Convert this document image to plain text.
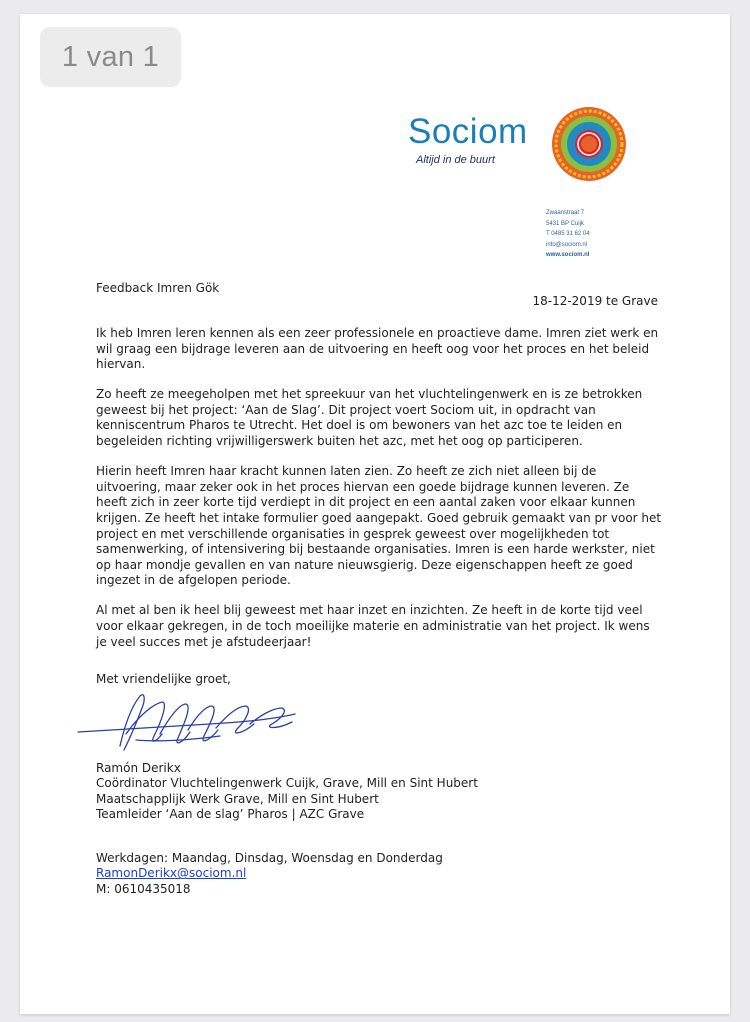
1 van 1
Sociom
Altijd in de buurt
Zwaanstraat 7
5431 BP Cuijk
T 0485 31 62 04
info@sociom.nl
www.sociom.nl
Feedback Imren Gök
18-12-2019 te Grave

Ik heb Imren leren kennen als een zeer professionele en proactieve dame. Imren ziet werk en wil graag een bijdrage leveren aan de uitvoering en heeft oog voor het proces en het beleid hiervan.

Zo heeft ze meegeholpen met het spreekuur van het vluchtelingenwerk en is ze betrokken geweest bij het project: ‘Aan de Slag’. Dit project voert Sociom uit, in opdracht van kenniscentrum Pharos te Utrecht. Het doel is om bewoners van het azc toe te leiden en begeleiden richting vrijwilligerswerk buiten het azc, met het oog op participeren.

Hierin heeft Imren haar kracht kunnen laten zien. Zo heeft ze zich niet alleen bij de uitvoering, maar zeker ook in het proces hiervan een goede bijdrage kunnen leveren. Ze heeft zich in zeer korte tijd verdiept in dit project en een aantal zaken voor elkaar kunnen krijgen. Ze heeft het intake formulier goed aangepakt. Goed gebruik gemaakt van pr voor het project en met verschillende organisaties in gesprek geweest over mogelijkheden tot samenwerking, of intensivering bij bestaande organisaties. Imren is een harde werkster, niet op haar mondje gevallen en van nature nieuwsgierig. Deze eigenschappen heeft ze goed ingezet in de afgelopen periode.

Al met al ben ik heel blij geweest met haar inzet en inzichten. Ze heeft in de korte tijd veel voor elkaar gekregen, in de toch moeilijke materie en administratie van het project. Ik wens je veel succes met je afstudeerjaar!

Met vriendelijke groet,
Ramón Derikx
Coördinator Vluchtelingenwerk Cuijk, Grave, Mill en Sint Hubert
Maatschapplijk Werk Grave, Mill en Sint Hubert
Teamleider ‘Aan de slag’ Pharos | AZC Grave
Werkdagen: Maandag, Dinsdag, Woensdag en Donderdag
RamonDerikx@sociom.nl
M: 0610435018
